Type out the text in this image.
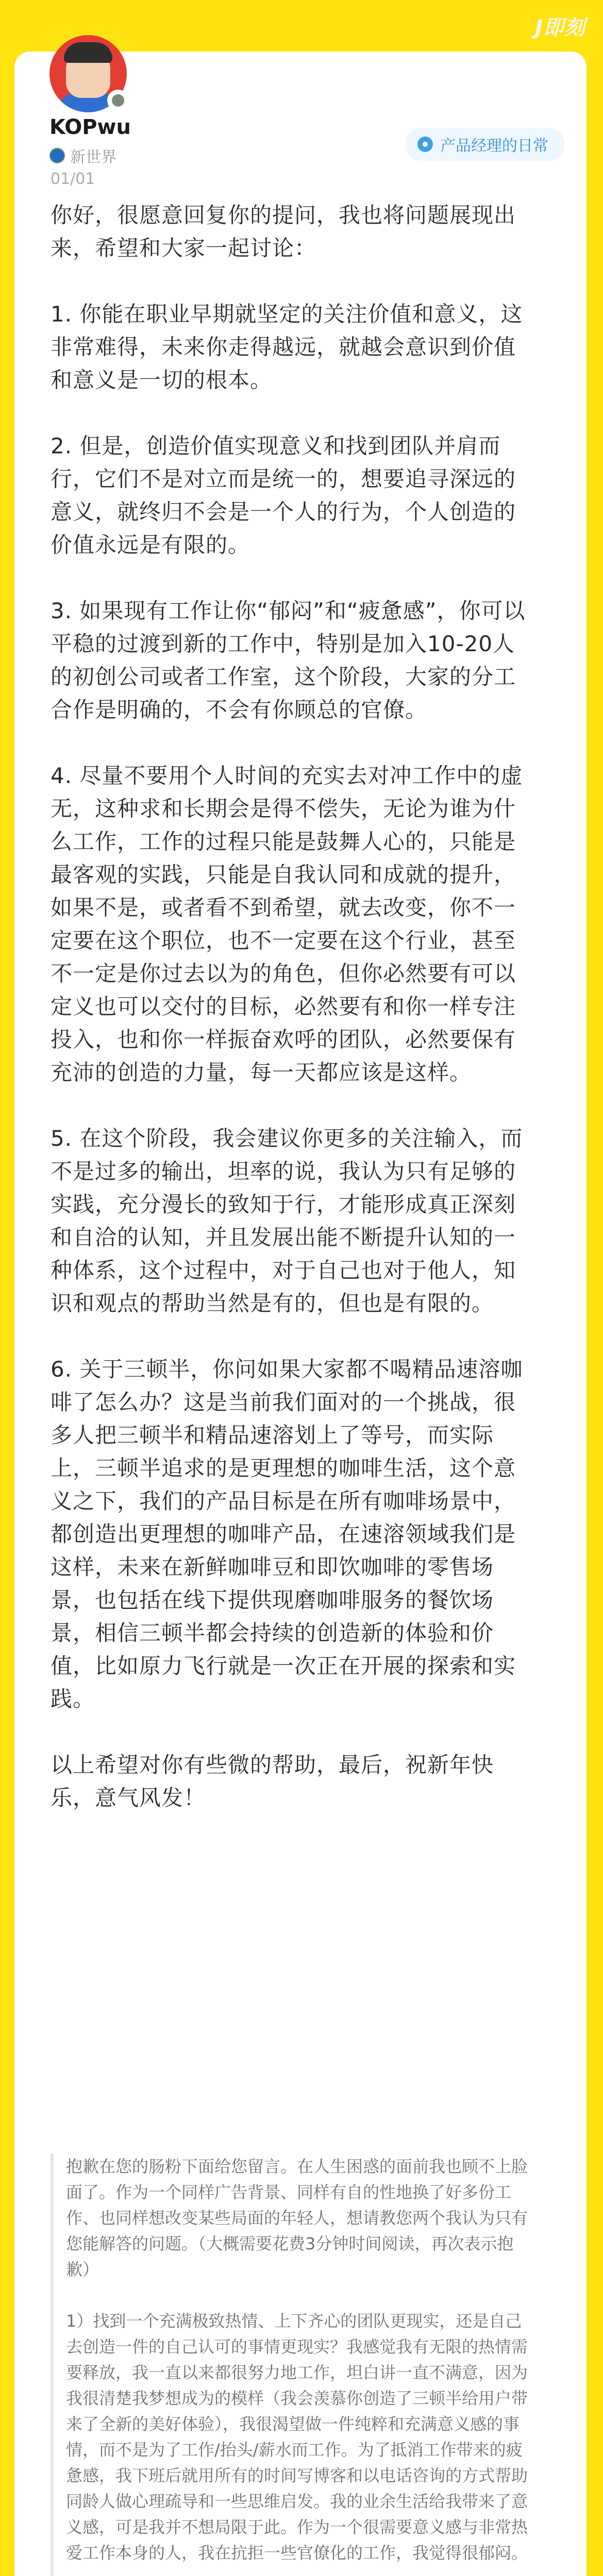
J即刻
KOPwu
新世界
产品经理的日常
01/01

你好，很愿意回复你的提问，我也将问题展现出来，希望和大家一起讨论：

1. 你能在职业早期就坚定的关注价值和意义，这非常难得，未来你走得越远，就越会意识到价值和意义是一切的根本。

2. 但是，创造价值实现意义和找到团队并肩而行，它们不是对立而是统一的，想要追寻深远的意义，就终归不会是一个人的行为，个人创造的价值永远是有限的。

3. 如果现有工作让你“郁闷”和“疲惫感”，你可以平稳的过渡到新的工作中，特别是加入10-20人的初创公司或者工作室，这个阶段，大家的分工合作是明确的，不会有你顾总的官僚。

4. 尽量不要用个人时间的充实去对冲工作中的虚无，这种求和长期会是得不偿失，无论为谁为什么工作，工作的过程只能是鼓舞人心的，只能是最客观的实践，只能是自我认同和成就的提升，如果不是，或者看不到希望，就去改变，你不一定要在这个职位，也不一定要在这个行业，甚至不一定是你过去以为的角色，但你必然要有可以定义也可以交付的目标，必然要有和你一样专注投入，也和你一样振奋欢呼的团队，必然要保有充沛的创造的力量，每一天都应该是这样。

5. 在这个阶段，我会建议你更多的关注输入，而不是过多的输出，坦率的说，我认为只有足够的实践，充分漫长的致知于行，才能形成真正深刻和自洽的认知，并且发展出能不断提升认知的一种体系，这个过程中，对于自己也对于他人，知识和观点的帮助当然是有的，但也是有限的。

6. 关于三顿半，你问如果大家都不喝精品速溶咖啡了怎么办？这是当前我们面对的一个挑战，很多人把三顿半和精品速溶划上了等号，而实际上，三顿半追求的是更理想的咖啡生活，这个意义之下，我们的产品目标是在所有咖啡场景中，都创造出更理想的咖啡产品，在速溶领域我们是这样，未来在新鲜咖啡豆和即饮咖啡的零售场景，也包括在线下提供现磨咖啡服务的餐饮场景，相信三顿半都会持续的创造新的体验和价值，比如原力飞行就是一次正在开展的探索和实践。

以上希望对你有些微的帮助，最后，祝新年快乐，意气风发！

抱歉在您的肠粉下面给您留言。在人生困惑的面前我也顾不上脸面了。作为一个同样广告背景、同样有自的性地换了好多份工作、也同样想改变某些局面的年轻人，想请教您两个我认为只有您能解答的问题。（大概需要花费3分钟时间阅读，再次表示抱歉）

1）找到一个充满极致热情、上下齐心的团队更现实，还是自己去创造一件的自己认可的事情更现实？我感觉我有无限的热情需要释放，我一直以来都很努力地工作，坦白讲一直不满意，因为我很清楚我梦想成为的模样（我会羡慕你创造了三顿半给用户带来了全新的美好体验），我很渴望做一件纯粹和充满意义感的事情，而不是为了工作/抬头/薪水而工作。为了抵消工作带来的疲惫感，我下班后就用所有的时间写博客和以电话咨询的方式帮助同龄人做心理疏导和一些思维启发。我的业余生活给我带来了意义感，可是我并不想局限于此。作为一个很需要意义感与非常热爱工作本身的人，我在抗拒一些官僚化的工作，我觉得很郁闷。
